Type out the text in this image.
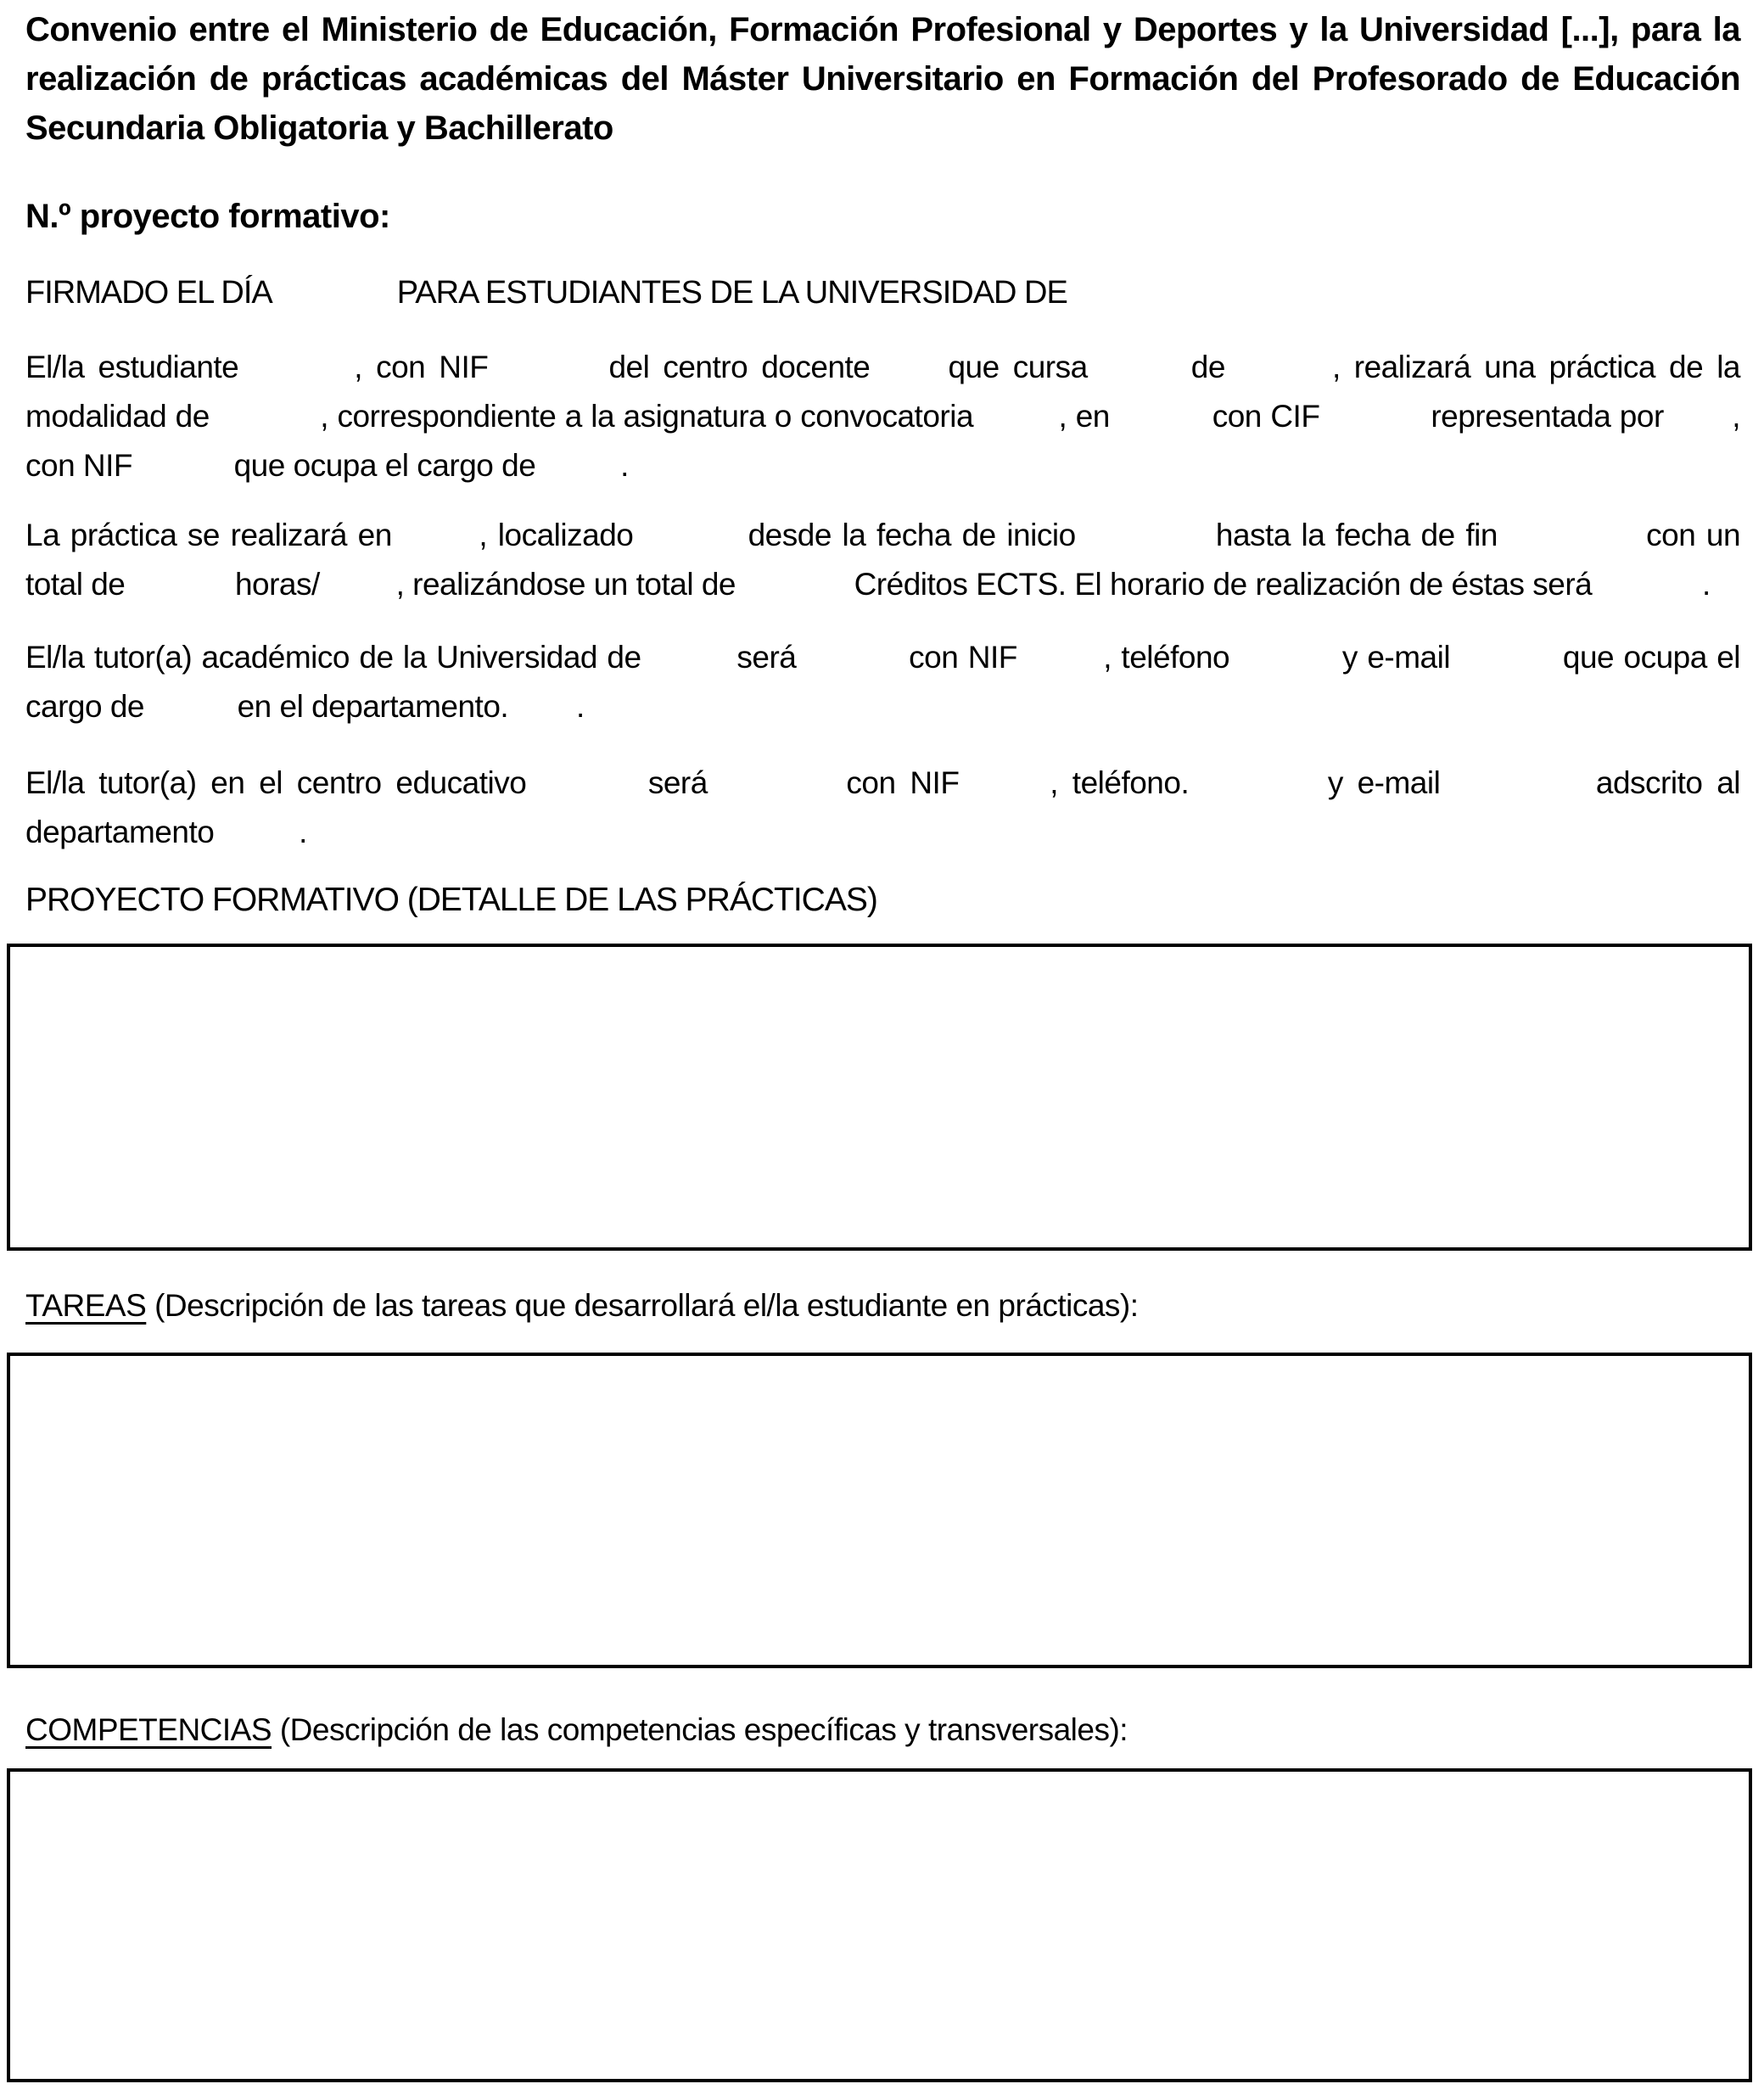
Convenio entre el Ministerio de Educación, Formación Profesional y Deportes y la Universidad [...], para la realización de prácticas académicas del Máster Universitario en Formación del Profesorado de Educación Secundaria Obligatoria y Bachillerato

N.º proyecto formativo:

FIRMADO EL DÍA	PARA ESTUDIANTES DE LA UNIVERSIDAD DE

El/la estudiante	, con NIF	del centro docente que cursa	de	, realizará una práctica de la modalidad de	, correspondiente a la asignatura o convocatoria	, en	con CIF	representada por , con NIF	que ocupa el cargo de	.

La práctica se realizará en	, localizado	desde la fecha de inicio	hasta la fecha de fin	con un total de	horas/ , realizándose un total de	Créditos ECTS. El horario de realización de éstas será	.

El/la tutor(a) académico de la Universidad de	será	con NIF	, teléfono	y e-mail	que ocupa el cargo de	en el departamento. .

El/la tutor(a) en el centro educativo	será	con NIF	, teléfono.	y e-mail	adscrito al departamento	.

PROYECTO FORMATIVO (DETALLE DE LAS PRÁCTICAS)

TAREAS (Descripción de las tareas que desarrollará el/la estudiante en prácticas):

COMPETENCIAS (Descripción de las competencias específicas y transversales):
